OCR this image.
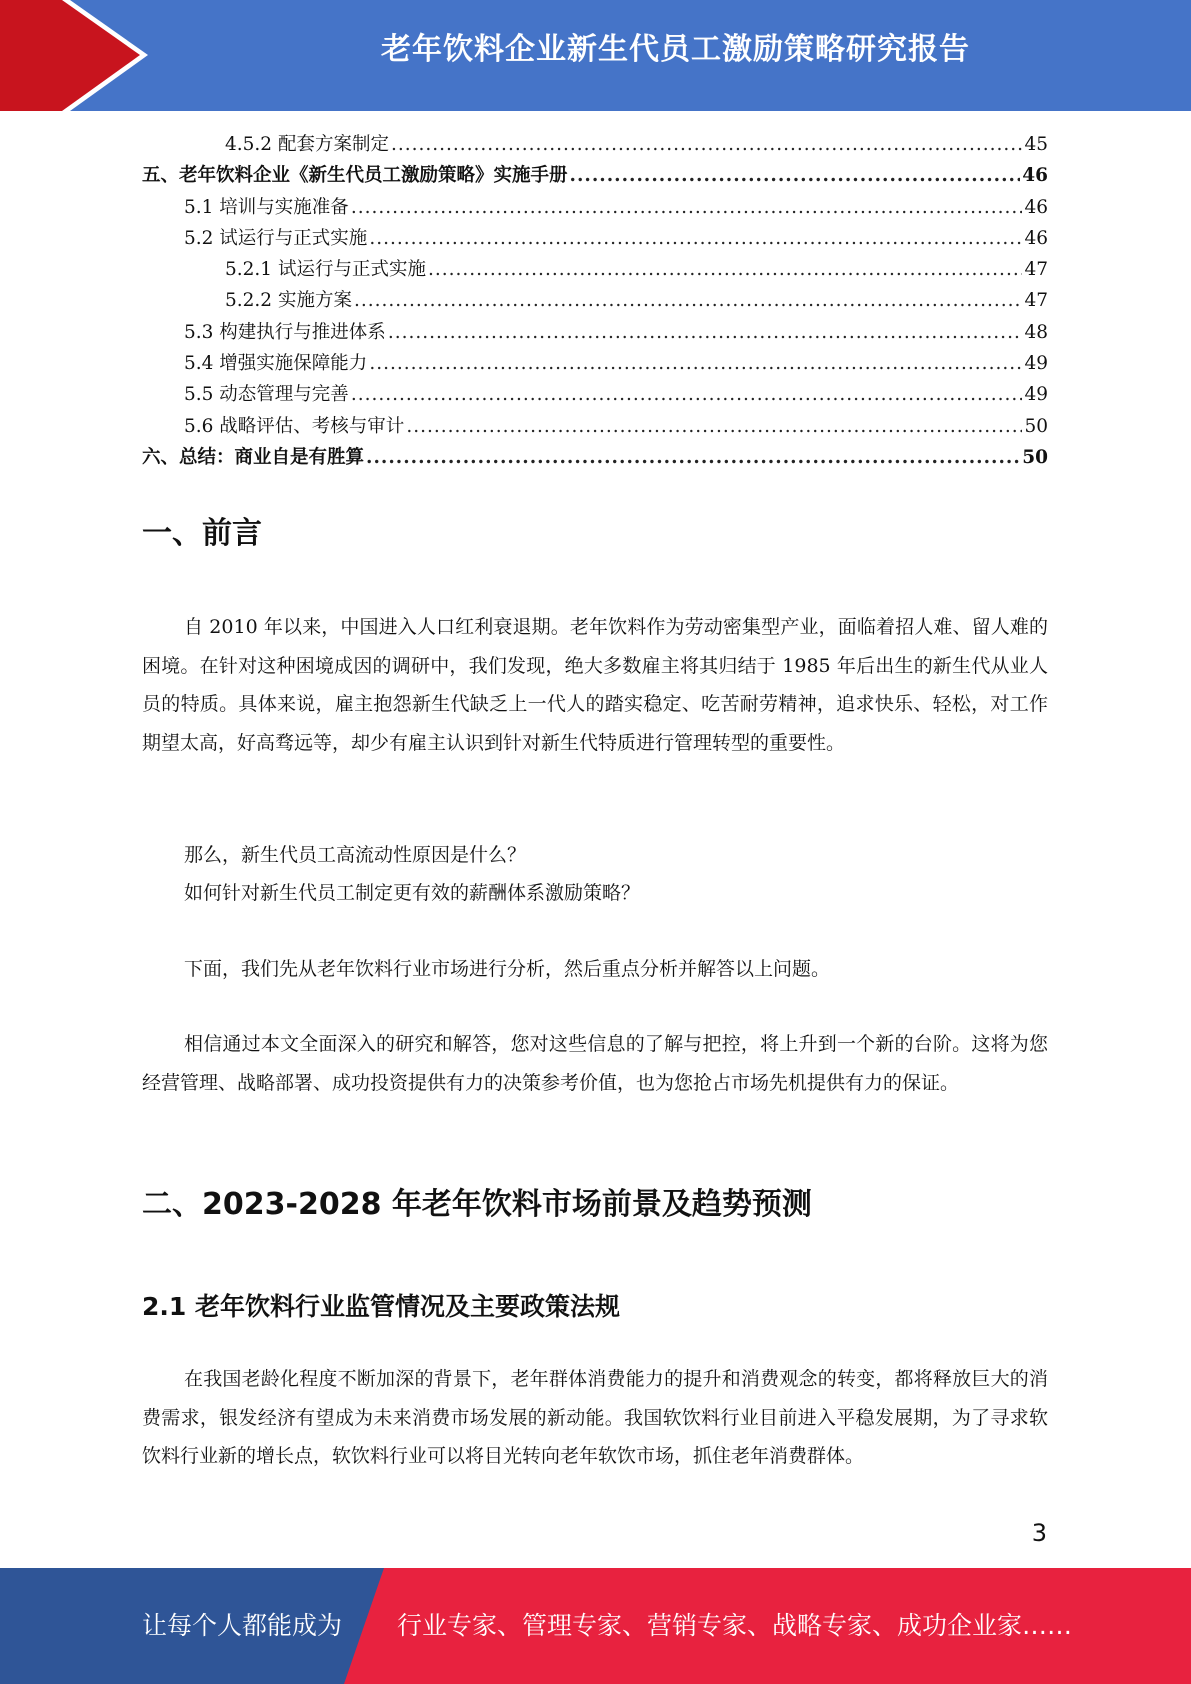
老年饮料企业新生代员工激励策略研究报告
4.5.2 配套方案制定 .....	45
五、老年饮料企业《新生代员工激励策略》实施手册 .....	46
5.1 培训与实施准备 .....	46
5.2 试运行与正式实施 .....	46
5.2.1 试运行与正式实施 .....	47
5.2.2 实施方案 .....	47
5.3 构建执行与推进体系 .....	48
5.4 增强实施保障能力 .....	49
5.5 动态管理与完善 .....	49
5.6 战略评估、考核与审计 .....	50
六、总结：商业自是有胜算 .....	50
一、前言

自 2010 年以来，中国进入人口红利衰退期。老年饮料作为劳动密集型产业，面临着招人难、留人难的困境。在针对这种困境成因的调研中，我们发现，绝大多数雇主将其归结于 1985 年后出生的新生代从业人员的特质。具体来说，雇主抱怨新生代缺乏上一代人的踏实稳定、吃苦耐劳精神，追求快乐、轻松，对工作期望太高，好高骛远等，却少有雇主认识到针对新生代特质进行管理转型的重要性。

那么，新生代员工高流动性原因是什么？

如何针对新生代员工制定更有效的薪酬体系激励策略？

下面，我们先从老年饮料行业市场进行分析，然后重点分析并解答以上问题。

相信通过本文全面深入的研究和解答，您对这些信息的了解与把控，将上升到一个新的台阶。这将为您经营管理、战略部署、成功投资提供有力的决策参考价值，也为您抢占市场先机提供有力的保证。

二、2023-2028 年老年饮料市场前景及趋势预测
2.1 老年饮料行业监管情况及主要政策法规

在我国老龄化程度不断加深的背景下，老年群体消费能力的提升和消费观念的转变，都将释放巨大的消费需求，银发经济有望成为未来消费市场发展的新动能。我国软饮料行业目前进入平稳发展期，为了寻求软饮料行业新的增长点，软饮料行业可以将目光转向老年软饮市场，抓住老年消费群体。

3
让每个人都能成为 行业专家、管理专家、营销专家、战略专家、成功企业家……
